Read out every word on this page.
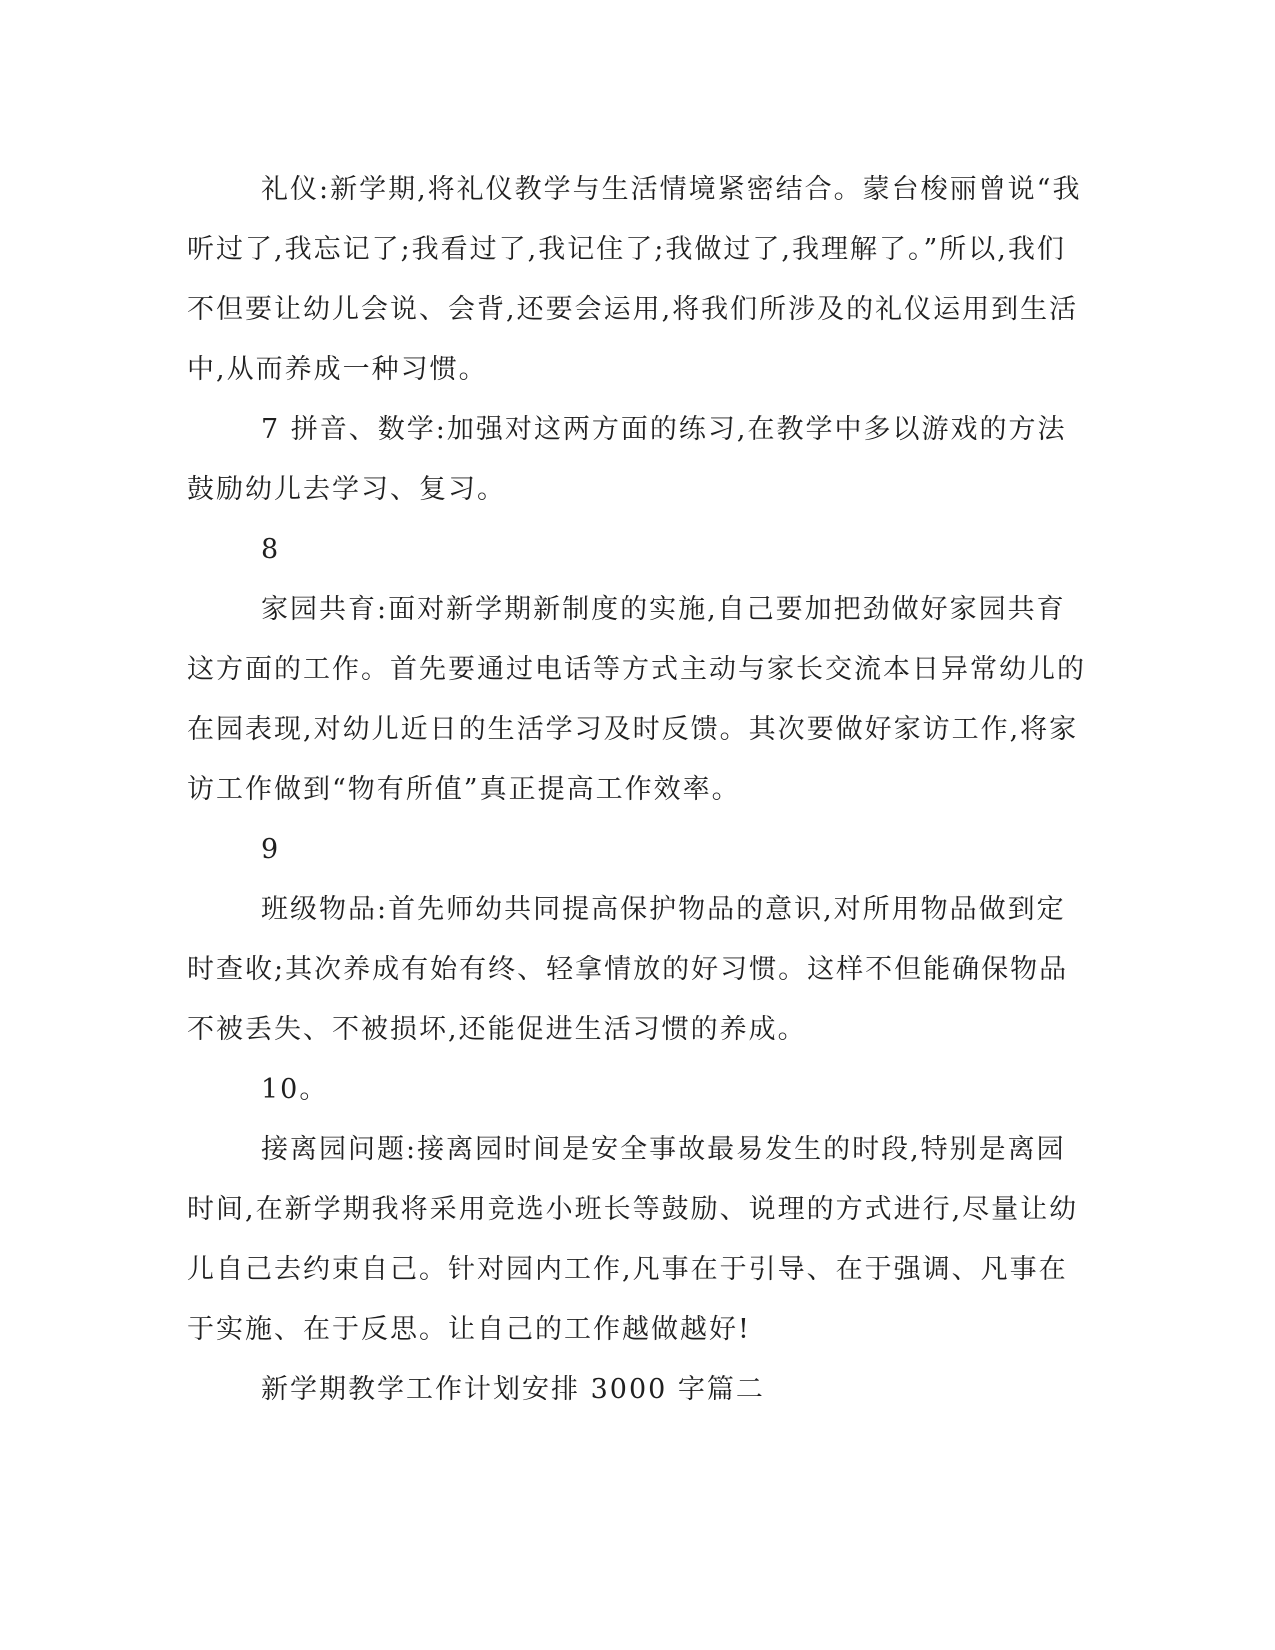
礼仪:新学期,将礼仪教学与生活情境紧密结合。蒙台梭丽曾说“我听过了,我忘记了;我看过了,我记住了;我做过了,我理解了。”所以,我们不但要让幼儿会说、会背,还要会运用,将我们所涉及的礼仪运用到生活中,从而养成一种习惯。

7 拼音、数学:加强对这两方面的练习,在教学中多以游戏的方法鼓励幼儿去学习、复习。

8

家园共育:面对新学期新制度的实施,自己要加把劲做好家园共育这方面的工作。首先要通过电话等方式主动与家长交流本日异常幼儿的在园表现,对幼儿近日的生活学习及时反馈。其次要做好家访工作,将家访工作做到“物有所值”真正提高工作效率。

9

班级物品:首先师幼共同提高保护物品的意识,对所用物品做到定时查收;其次养成有始有终、轻拿情放的好习惯。这样不但能确保物品不被丢失、不被损坏,还能促进生活习惯的养成。

10。

接离园问题:接离园时间是安全事故最易发生的时段,特别是离园时间,在新学期我将采用竞选小班长等鼓励、说理的方式进行,尽量让幼儿自己去约束自己。针对园内工作,凡事在于引导、在于强调、凡事在于实施、在于反思。让自己的工作越做越好!

新学期教学工作计划安排 3000 字篇二
